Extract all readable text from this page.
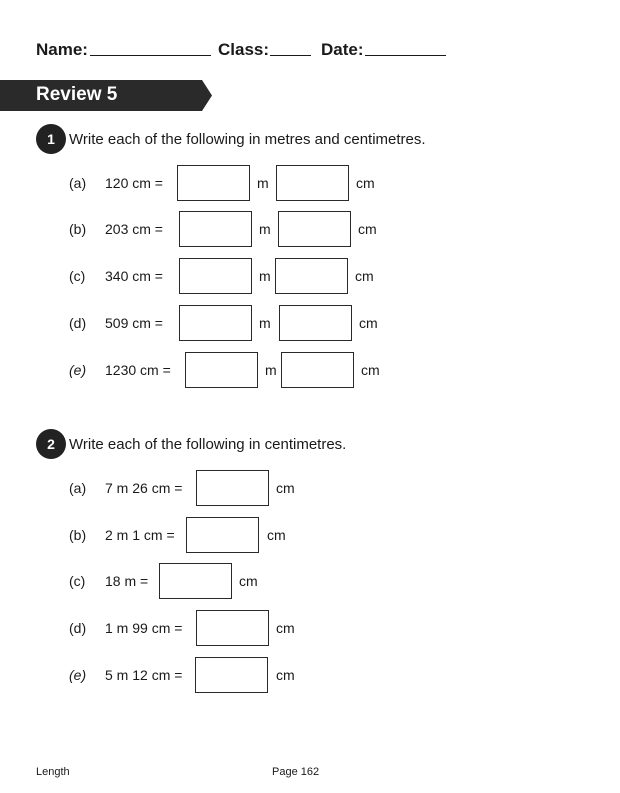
Name:	Class:	Date:
Review 5
1 Write each of the following in metres and centimetres.
(a) 120 cm =	m	cm
(b) 203 cm =	m	cm
(c) 340 cm =	m	cm
(d) 509 cm =	m	cm
(e) 1230 cm =	m	cm
2 Write each of the following in centimetres.
(a) 7 m 26 cm =	cm
(b) 2 m 1 cm =	cm
(c) 18 m =	cm
(d) 1 m 99 cm =	cm
(e) 5 m 12 cm =	cm
Length	Page 162
